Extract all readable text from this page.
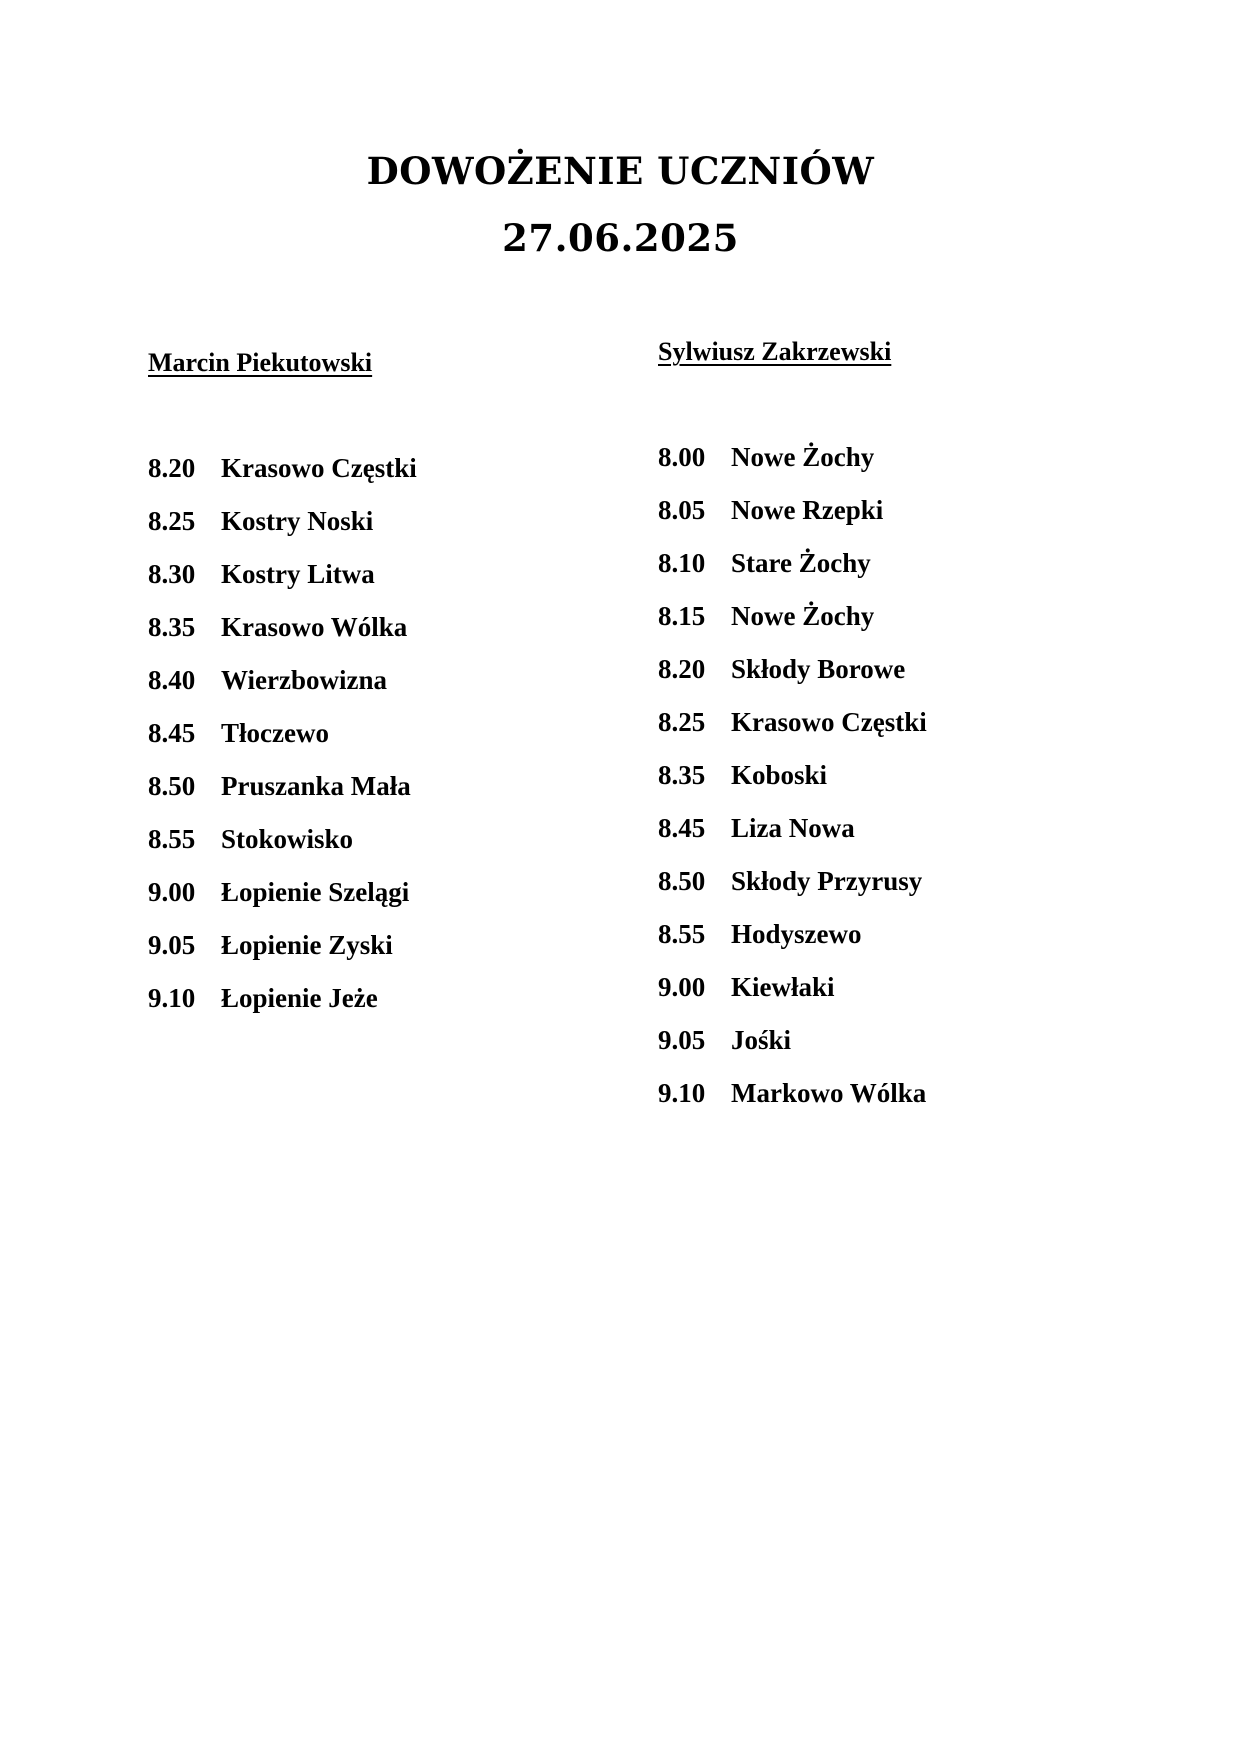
DOWOŻENIE UCZNIÓW
27.06.2025
Marcin Piekutowski
8.20 Krasowo Częstki
8.25 Kostry Noski
8.30 Kostry Litwa
8.35 Krasowo Wólka
8.40 Wierzbowizna
8.45 Tłoczewo
8.50 Pruszanka Mała
8.55 Stokowisko
9.00 Łopienie Szelągi
9.05 Łopienie Zyski
9.10 Łopienie Jeże
Sylwiusz Zakrzewski
8.00 Nowe Żochy
8.05 Nowe Rzepki
8.10 Stare Żochy
8.15 Nowe Żochy
8.20 Skłody Borowe
8.25 Krasowo Częstki
8.35 Koboski
8.45 Liza Nowa
8.50 Skłody Przyrusy
8.55 Hodyszewo
9.00 Kiewłaki
9.05 Jośki
9.10 Markowo Wólka
